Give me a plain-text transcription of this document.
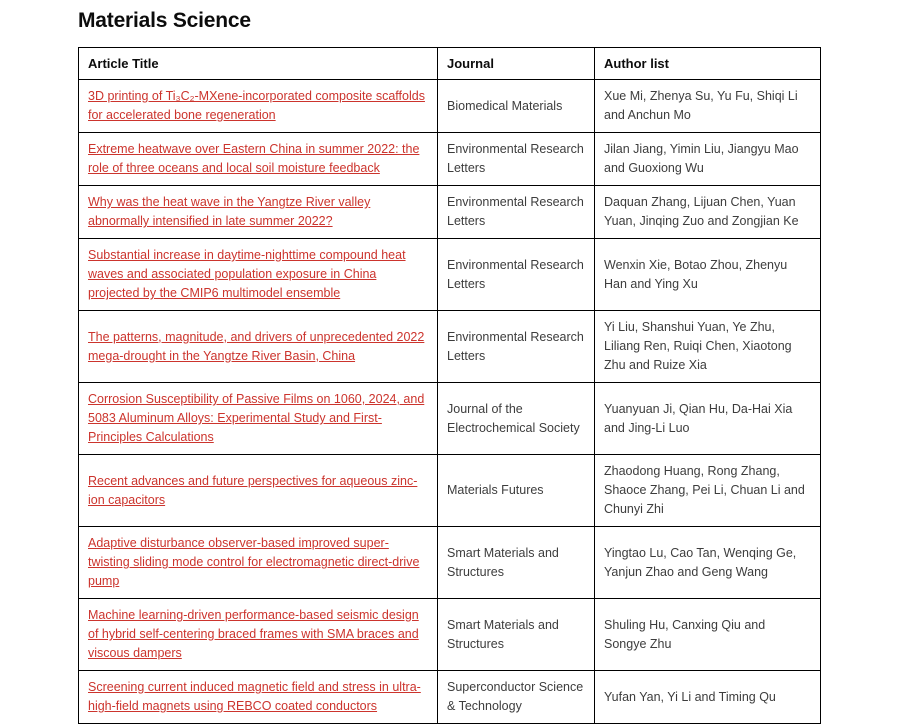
Materials Science
Article Title	Journal	Author list
3D printing of Ti₃C₂-MXene-incorporated composite scaffolds for accelerated bone regeneration	Biomedical Materials	Xue Mi, Zhenya Su, Yu Fu, Shiqi Li and Anchun Mo
Extreme heatwave over Eastern China in summer 2022: the role of three oceans and local soil moisture feedback	Environmental Research Letters	Jilan Jiang, Yimin Liu, Jiangyu Mao and Guoxiong Wu
Why was the heat wave in the Yangtze River valley abnormally intensified in late summer 2022?	Environmental Research Letters	Daquan Zhang, Lijuan Chen, Yuan Yuan, Jinqing Zuo and Zongjian Ke
Substantial increase in daytime-nighttime compound heat waves and associated population exposure in China projected by the CMIP6 multimodel ensemble	Environmental Research Letters	Wenxin Xie, Botao Zhou, Zhenyu Han and Ying Xu
The patterns, magnitude, and drivers of unprecedented 2022 mega-drought in the Yangtze River Basin, China	Environmental Research Letters	Yi Liu, Shanshui Yuan, Ye Zhu, Liliang Ren, Ruiqi Chen, Xiaotong Zhu and Ruize Xia
Corrosion Susceptibility of Passive Films on 1060, 2024, and 5083 Aluminum Alloys: Experimental Study and First-Principles Calculations	Journal of the Electrochemical Society	Yuanyuan Ji, Qian Hu, Da-Hai Xia and Jing-Li Luo
Recent advances and future perspectives for aqueous zinc-ion capacitors	Materials Futures	Zhaodong Huang, Rong Zhang, Shaoce Zhang, Pei Li, Chuan Li and Chunyi Zhi
Adaptive disturbance observer-based improved super-twisting sliding mode control for electromagnetic direct-drive pump	Smart Materials and Structures	Yingtao Lu, Cao Tan, Wenqing Ge, Yanjun Zhao and Geng Wang
Machine learning-driven performance-based seismic design of hybrid self-centering braced frames with SMA braces and viscous dampers	Smart Materials and Structures	Shuling Hu, Canxing Qiu and Songye Zhu
Screening current induced magnetic field and stress in ultra-high-field magnets using REBCO coated conductors	Superconductor Science & Technology	Yufan Yan, Yi Li and Timing Qu
